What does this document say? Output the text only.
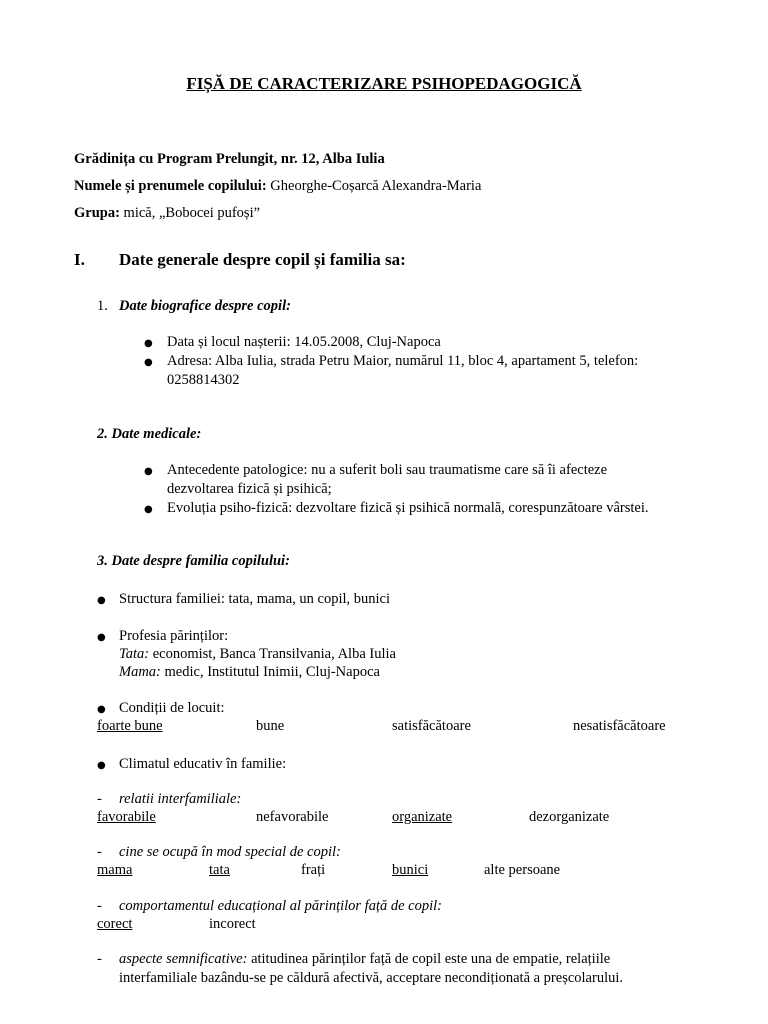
FIȘĂ DE CARACTERIZARE PSIHOPEDAGOGICĂ
Grădinița cu Program Prelungit, nr. 12, Alba Iulia
Numele și prenumele copilului: Gheorghe-Coșarcă Alexandra-Maria
Grupa: mică, „Bobocei pufoși”
I. Date generale despre copil și familia sa:
1. Date biografice despre copil:
● Data și locul nașterii: 14.05.2008, Cluj-Napoca
● Adresa: Alba Iulia, strada Petru Maior, numărul 11, bloc 4, apartament 5, telefon:
0258814302
2. Date medicale:
● Antecedente patologice: nu a suferit boli sau traumatisme care să îi afecteze
dezvoltarea fizică și psihică;
● Evoluția psiho-fizică: dezvoltare fizică și psihică normală, corespunzătoare vârstei.
3. Date despre familia copilului:
● Structura familiei: tata, mama, un copil, bunici
● Profesia părinților:
Tata: economist, Banca Transilvania, Alba Iulia
Mama: medic, Institutul Inimii, Cluj-Napoca
● Condiții de locuit:
foarte bune	bune	satisfăcătoare	nesatisfăcătoare
● Climatul educativ în familie:
- relatii interfamiliale:
favorabile	nefavorabile	organizate	dezorganizate
- cine se ocupă în mod special de copil:
mama	tata	frați	bunici	alte persoane
- comportamentul educațional al părinților față de copil:
corect	incorect
- aspecte semnificative: atitudinea părinților față de copil este una de empatie, relațiile
interfamiliale bazându-se pe căldură afectivă, acceptare necondiționată a preșcolarului.
